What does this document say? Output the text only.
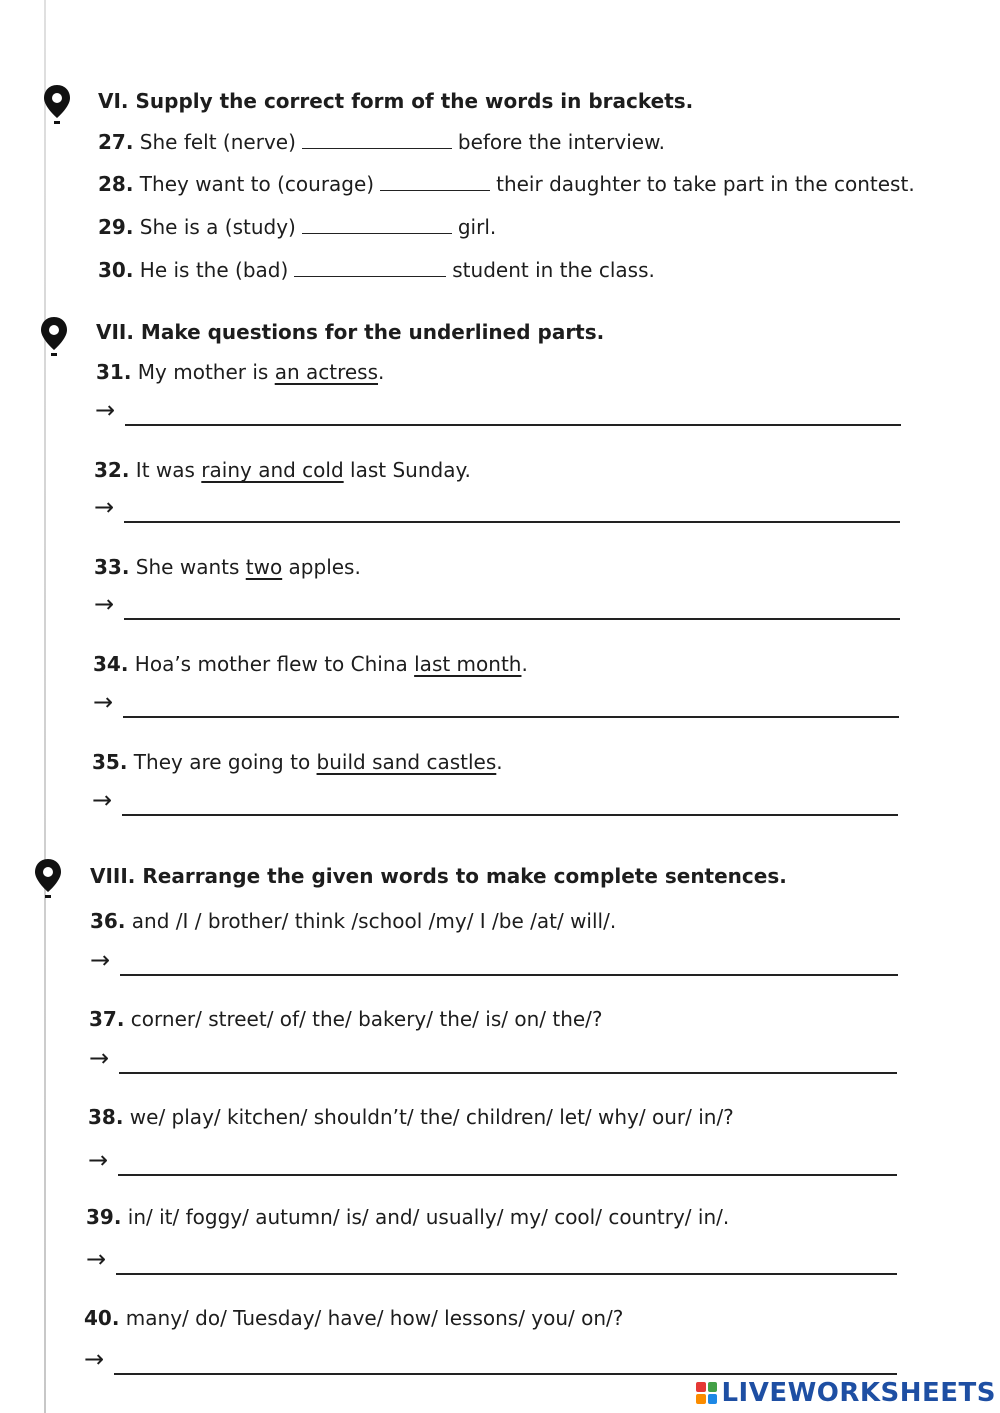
VI. Supply the correct form of the words in brackets.
27. She felt (nerve)	before the interview.
28. They want to (courage)	their daughter to take part in the contest.
29. She is a (study)	girl.
30. He is the (bad)	student in the class.
VII. Make questions for the underlined parts.
31. My mother is an actress.
→
32. It was rainy and cold last Sunday.
→
33. She wants two apples.
→
34. Hoa’s mother flew to China last month.
→
35. They are going to build sand castles.
→
VIII. Rearrange the given words to make complete sentences.
36. and /I / brother/ think /school /my/ I /be /at/ will/.
→
37. corner/ street/ of/ the/ bakery/ the/ is/ on/ the/?
→
38. we/ play/ kitchen/ shouldn’t/ the/ children/ let/ why/ our/ in/?
→
39. in/ it/ foggy/ autumn/ is/ and/ usually/ my/ cool/ country/ in/.
→
40. many/ do/ Tuesday/ have/ how/ lessons/ you/ on/?
→
LIVEWORKSHEETS
